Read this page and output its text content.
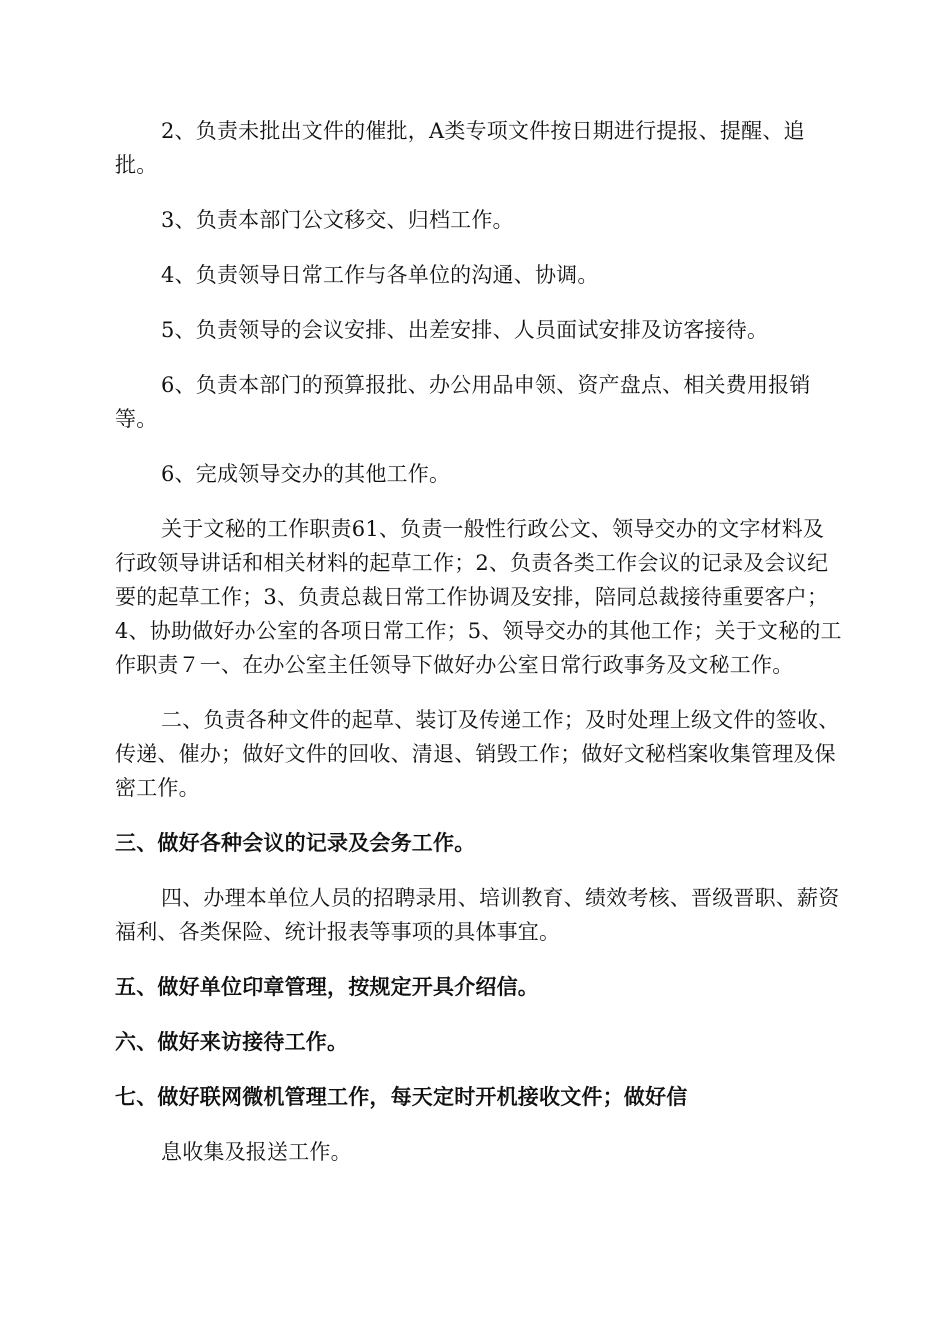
2、负责未批出文件的催批，A类专项文件按日期进行提报、提醒、追批。

3、负责本部门公文移交、归档工作。

4、负责领导日常工作与各单位的沟通、协调。

5、负责领导的会议安排、出差安排、人员面试安排及访客接待。

6、负责本部门的预算报批、办公用品申领、资产盘点、相关费用报销等。

6、完成领导交办的其他工作。

关于文秘的工作职责61、负责一般性行政公文、领导交办的文字材料及行政领导讲话和相关材料的起草工作；2、负责各类工作会议的记录及会议纪要的起草工作；3、负责总裁日常工作协调及安排，陪同总裁接待重要客户；4、协助做好办公室的各项日常工作；5、领导交办的其他工作；关于文秘的工作职责７一、在办公室主任领导下做好办公室日常行政事务及文秘工作。

二、负责各种文件的起草、装订及传递工作；及时处理上级文件的签收、传递、催办；做好文件的回收、清退、销毁工作；做好文秘档案收集管理及保密工作。

三、做好各种会议的记录及会务工作。

四、办理本单位人员的招聘录用、培训教育、绩效考核、晋级晋职、薪资福利、各类保险、统计报表等事项的具体事宜。

五、做好单位印章管理，按规定开具介绍信。

六、做好来访接待工作。

七、做好联网微机管理工作，每天定时开机接收文件；做好信

息收集及报送工作。
